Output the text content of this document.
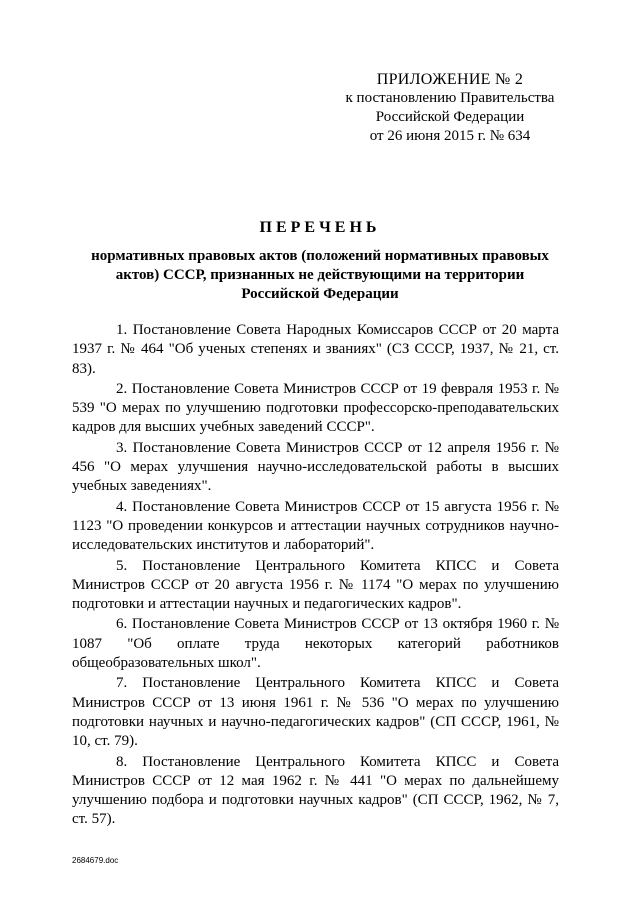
ПРИЛОЖЕНИЕ № 2
к постановлению Правительства
Российской Федерации
от 26 июня 2015 г. № 634
ПЕРЕЧЕНЬ
нормативных правовых актов (положений нормативных правовых актов) СССР, признанных не действующими на территории Российской Федерации

1. Постановление Совета Народных Комиссаров СССР от 20 марта 1937 г. № 464 "Об ученых степенях и званиях" (СЗ СССР, 1937, № 21, ст. 83).

2. Постановление Совета Министров СССР от 19 февраля 1953 г. № 539 "О мерах по улучшению подготовки профессорско-преподавательских кадров для высших учебных заведений СССР".

3. Постановление Совета Министров СССР от 12 апреля 1956 г. № 456 "О мерах улучшения научно-исследовательской работы в высших учебных заведениях".

4. Постановление Совета Министров СССР от 15 августа 1956 г. № 1123 "О проведении конкурсов и аттестации научных сотрудников научно-исследовательских институтов и лабораторий".

5. Постановление Центрального Комитета КПСС и Совета Министров СССР от 20 августа 1956 г. № 1174 "О мерах по улучшению подготовки и аттестации научных и педагогических кадров".

6. Постановление Совета Министров СССР от 13 октября 1960 г. № 1087 "Об оплате труда некоторых категорий работников общеобразовательных школ".

7. Постановление Центрального Комитета КПСС и Совета Министров СССР от 13 июня 1961 г. № 536 "О мерах по улучшению подготовки научных и научно-педагогических кадров" (СП СССР, 1961, № 10, ст. 79).

8. Постановление Центрального Комитета КПСС и Совета Министров СССР от 12 мая 1962 г. № 441 "О мерах по дальнейшему улучшению подбора и подготовки научных кадров" (СП СССР, 1962, № 7, ст. 57).

2684679.doc
